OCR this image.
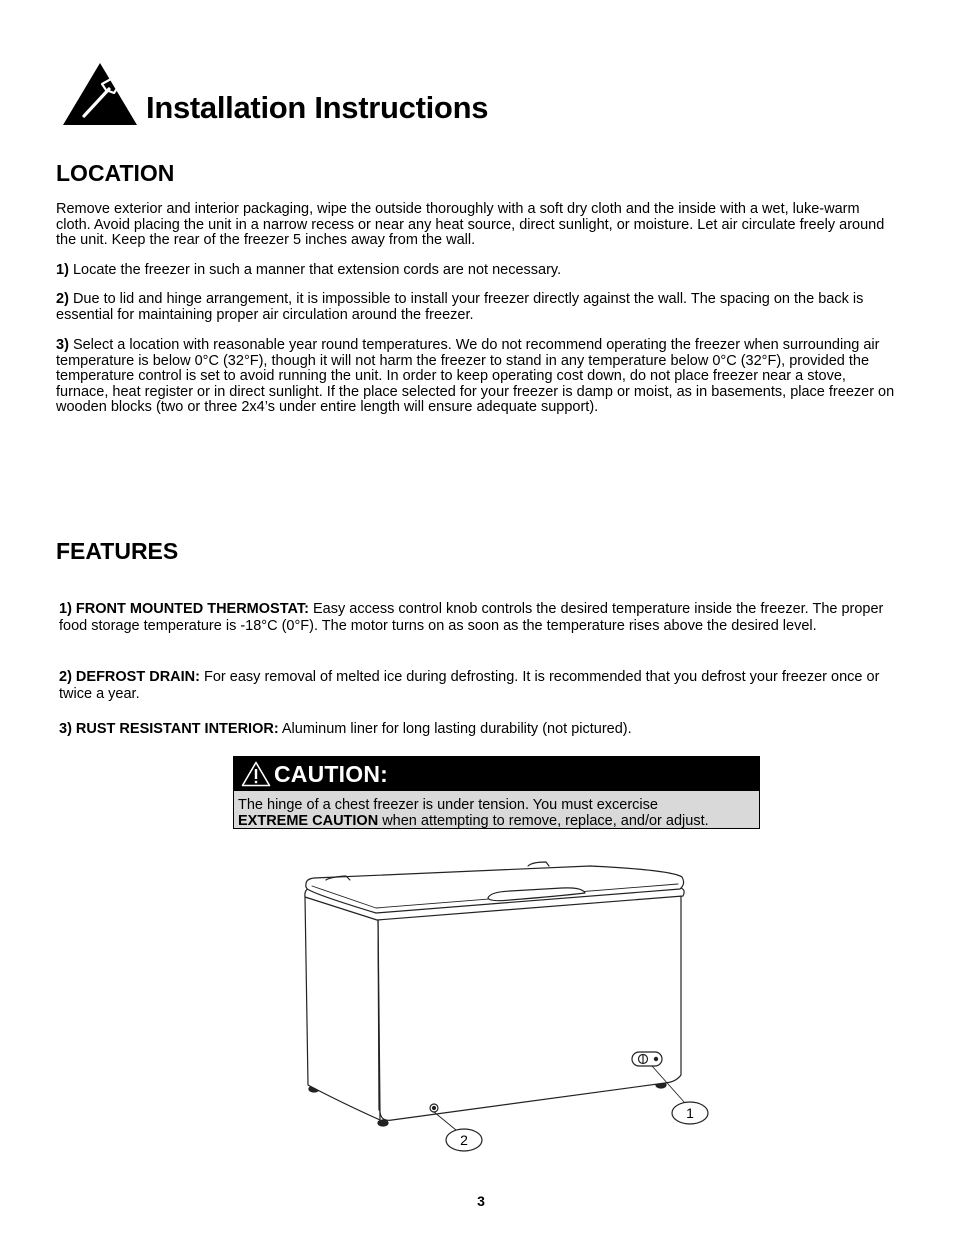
Installation Instructions
LOCATION

Remove exterior and interior packaging, wipe the outside thoroughly with a soft dry cloth and the inside with a wet, luke-warm cloth. Avoid placing the unit in a narrow recess or near any heat source, direct sunlight, or moisture. Let air circulate freely around the unit. Keep the rear of the freezer 5 inches away from the wall.

1) Locate the freezer in such a manner that extension cords are not necessary.

2) Due to lid and hinge arrangement, it is impossible to install your freezer directly against the wall. The spacing on the back is essential for maintaining proper air circulation around the freezer.

3) Select a location with reasonable year round temperatures. We do not recommend operating the freezer when surrounding air temperature is below 0°C (32°F), though it will not harm the freezer to stand in any temperature below 0°C (32°F), provided the temperature control is set to avoid running the unit. In order to keep operating cost down, do not place freezer near a stove, furnace, heat register or in direct sunlight. If the place selected for your freezer is damp or moist, as in basements, place freezer on wooden blocks (two or three 2x4’s under entire length will ensure adequate support).

FEATURES

1) FRONT MOUNTED THERMOSTAT: Easy access control knob controls the desired temperature inside the freezer. The proper food storage temperature is -18°C (0°F). The motor turns on as soon as the temperature rises above the desired level.

2) DEFROST DRAIN: For easy removal of melted ice during defrosting. It is recommended that you defrost your freezer once or twice a year.

3) RUST RESISTANT INTERIOR: Aluminum liner for long lasting durability (not pictured).

CAUTION:
The hinge of a chest freezer is under tension. You must excercise
EXTREME CAUTION when attempting to remove, replace, and/or adjust.
1
2
3
